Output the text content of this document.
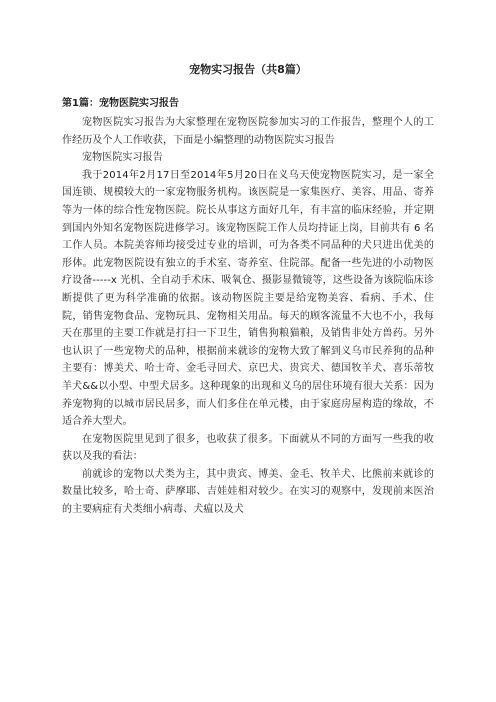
宠物实习报告（共8篇）
第1篇：宠物医院实习报告

宠物医院实习报告为大家整理在宠物医院参加实习的工作报告，整理个人的工作经历及个人工作收获，下面是小编整理的动物医院实习报告

宠物医院实习报告

我于2014年2月17日至2014年5月20日在义乌天使宠物医院实习，是一家全国连锁、规模较大的一家宠物服务机构。该医院是一家集医疗、美容、用品、寄养等为一体的综合性宠物医院。院长从事这方面好几年，有丰富的临床经验，并定期到国内外知名宠物医院进修学习。该宠物医院工作人员均持证上岗，目前共有 6 名工作人员。本院美容师均接受过专业的培训，可为各类不同品种的犬只进出优美的形体。此宠物医院设有独立的手术室、寄养室、住院部。配备一些先进的小动物医疗设备-----x 光机、全自动手术床、吸氧仓、摄影显微镜等，这些设备为该院临床诊断提供了更为科学准确的依据。该动物医院主要是给宠物美容、看病、手术、住院，销售宠物食品、宠物玩具、宠物相关用品。每天的顾客流量不大也不小，我每天在那里的主要工作就是打扫一下卫生，销售狗粮猫粮，及销售非处方兽药。另外也认识了一些宠物犬的品种，根据前来就诊的宠物大致了解到义乌市民养狗的品种主要有：博美犬、哈士奇、金毛寻回犬、京巴犬、贵宾犬、德国牧羊犬、喜乐蒂牧羊犬&&以小型、中型犬居多。这种现象的出现和义乌的居住环境有很大关系：因为养宠物狗的以城市居民居多，而人们多住在单元楼，由于家庭房屋构造的缘故，不适合养大型犬。

在宠物医院里见到了很多，也收获了很多。下面就从不同的方面写一些我的收获以及我的看法：

前就诊的宠物以犬类为主，其中贵宾、博美、金毛、牧羊犬、比熊前来就诊的数量比较多，哈士奇、萨摩耶、吉娃娃相对较少。在实习的观察中，发现前来医治的主要病症有犬类细小病毒、犬瘟以及犬
